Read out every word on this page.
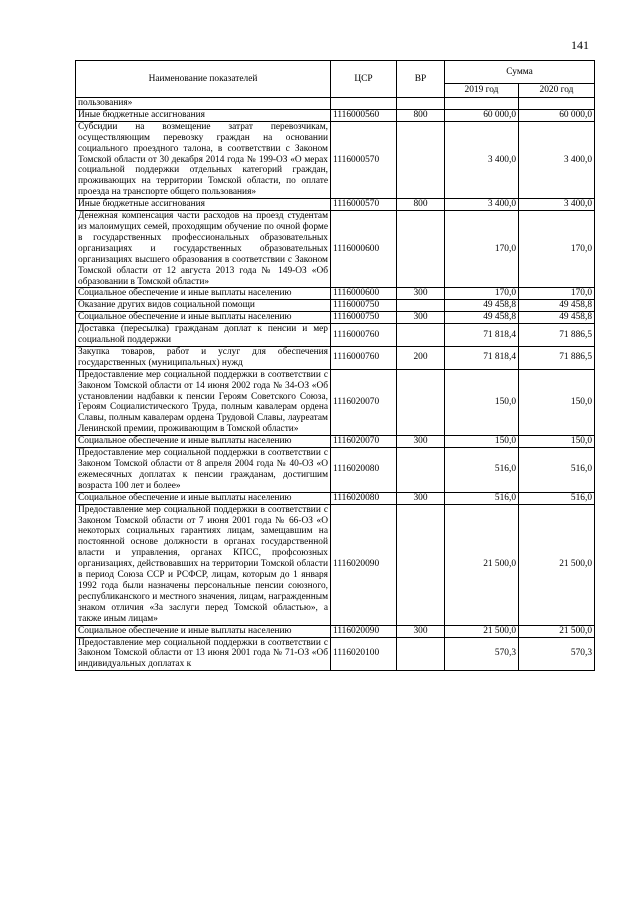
141
Наименование показателей	ЦСР	ВР	Сумма	
			2019 год	2020 год
пользования»				
Иные бюджетные ассигнования	1116000560	800	60 000,0	60 000,0
Субсидии на возмещение затрат перевозчикам, осуществляющим перевозку граждан на основании социального проездного талона, в соответствии с Законом Томской области от 30 декабря 2014 года № 199-ОЗ «О мерах социальной поддержки отдельных категорий граждан, проживающих на территории Томской области, по оплате проезда на транспорте общего пользования»	1116000570		3 400,0	3 400,0
Иные бюджетные ассигнования	1116000570	800	3 400,0	3 400,0
Денежная компенсация части расходов на проезд студентам из малоимущих семей, проходящим обучение по очной форме в государственных профессиональных образовательных организациях и государственных образовательных организациях высшего образования в соответствии с Законом Томской области от 12 августа 2013 года № 149-ОЗ «Об образовании в Томской области»	1116000600		170,0	170,0
Социальное обеспечение и иные выплаты населению	1116000600	300	170,0	170,0
Оказание других видов социальной помощи	1116000750		49 458,8	49 458,8
Социальное обеспечение и иные выплаты населению	1116000750	300	49 458,8	49 458,8
Доставка (пересылка) гражданам доплат к пенсии и мер социальной поддержки	1116000760		71 818,4	71 886,5
Закупка товаров, работ и услуг для обеспечения государственных (муниципальных) нужд	1116000760	200	71 818,4	71 886,5
Предоставление мер социальной поддержки в соответствии с Законом Томской области от 14 июня 2002 года № 34-ОЗ «Об установлении надбавки к пенсии Героям Советского Союза, Героям Социалистического Труда, полным кавалерам ордена Славы, полным кавалерам ордена Трудовой Славы, лауреатам Ленинской премии, проживающим в Томской области»	1116020070		150,0	150,0
Социальное обеспечение и иные выплаты населению	1116020070	300	150,0	150,0
Предоставление мер социальной поддержки в соответствии с Законом Томской области от 8 апреля 2004 года № 40-ОЗ «О ежемесячных доплатах к пенсии гражданам, достигшим возраста 100 лет и более»	1116020080		516,0	516,0
Социальное обеспечение и иные выплаты населению	1116020080	300	516,0	516,0
Предоставление мер социальной поддержки в соответствии с Законом Томской области от 7 июня 2001 года № 66-ОЗ «О некоторых социальных гарантиях лицам, замещавшим на постоянной основе должности в органах государственной власти и управления, органах КПСС, профсоюзных организациях, действовавших на территории Томской области в период Союза ССР и РСФСР, лицам, которым до 1 января 1992 года были назначены персональные пенсии союзного, республиканского и местного значения, лицам, награжденным знаком отличия «За заслуги перед Томской областью», а также иным лицам»	1116020090		21 500,0	21 500,0
Социальное обеспечение и иные выплаты населению	1116020090	300	21 500,0	21 500,0
Предоставление мер социальной поддержки в соответствии с Законом Томской области от 13 июня 2001 года № 71-ОЗ «Об индивидуальных доплатах к	1116020100		570,3	570,3
